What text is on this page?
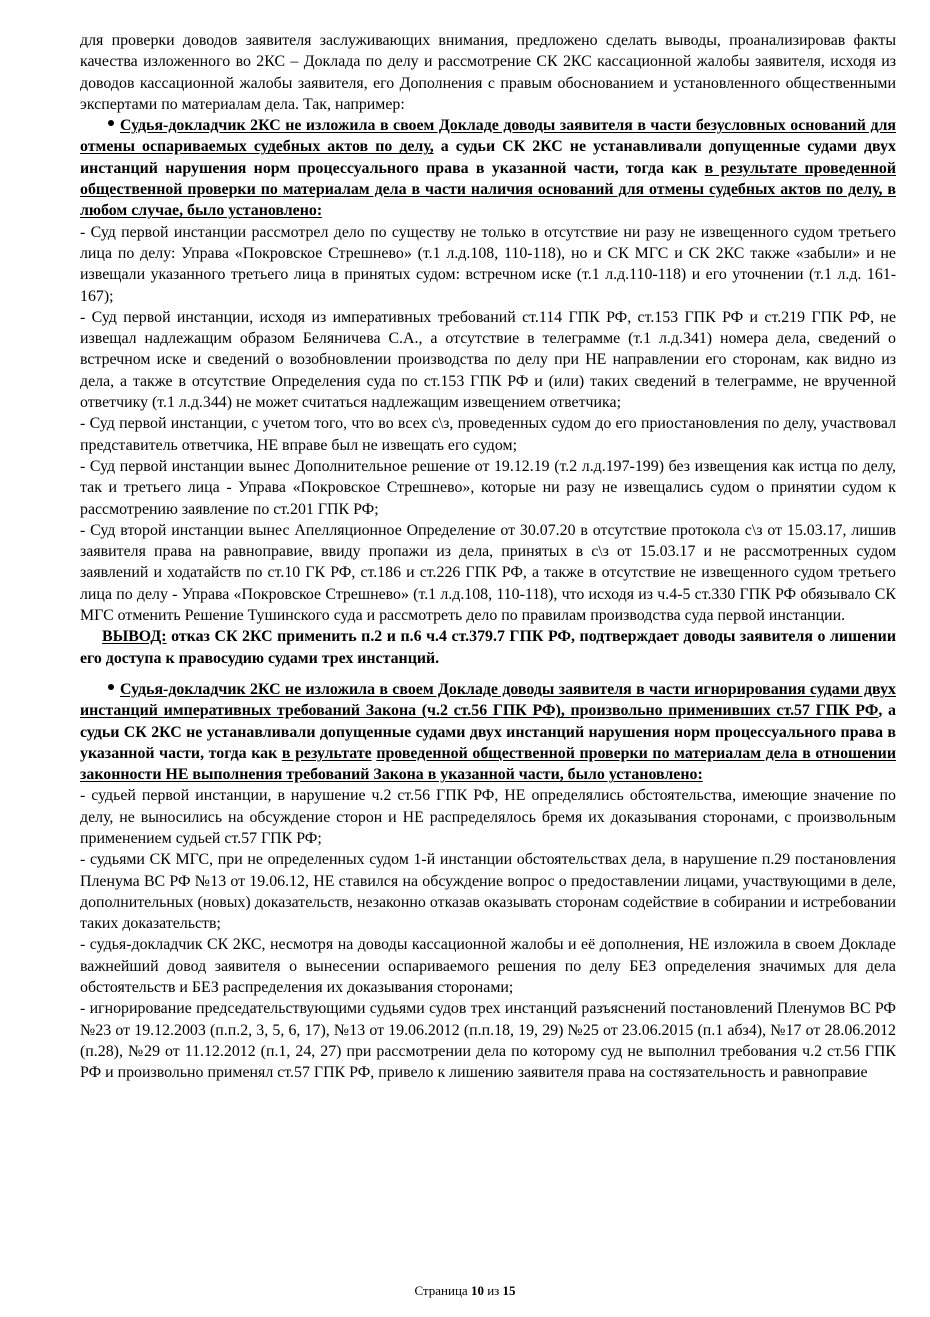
для проверки доводов заявителя заслуживающих внимания, предложено сделать выводы, проанализировав факты качества изложенного во 2КС – Доклада по делу и рассмотрение СК 2КС кассационной жалобы заявителя, исходя из доводов кассационной жалобы заявителя, его Дополнения с правым обоснованием и установленного общественными экспертами по материалам дела. Так, например:

Судья-докладчик 2КС не изложила в своем Докладе доводы заявителя в части безусловных оснований для отмены оспариваемых судебных актов по делу, а судьи СК 2КС не устанавливали допущенные судами двух инстанций нарушения норм процессуального права в указанной части, тогда как в результате проведенной общественной проверки по материалам дела в части наличия оснований для отмены судебных актов по делу, в любом случае, было установлено:

- Суд первой инстанции рассмотрел дело по существу не только в отсутствие ни разу не извещенного судом третьего лица по делу: Управа «Покровское Стрешнево» (т.1 л.д.108, 110-118), но и СК МГС и СК 2КС также «забыли» и не извещали указанного третьего лица в принятых судом: встречном иске (т.1 л.д.110-118) и его уточнении (т.1 л.д. 161-167);

- Суд первой инстанции, исходя из императивных требований ст.114 ГПК РФ, ст.153 ГПК РФ и ст.219 ГПК РФ, не извещал надлежащим образом Беляничева С.А., а отсутствие в телеграмме (т.1 л.д.341) номера дела, сведений о встречном иске и сведений о возобновлении производства по делу при НЕ направлении его сторонам, как видно из дела, а также в отсутствие Определения суда по ст.153 ГПК РФ и (или) таких сведений в телеграмме, не врученной ответчику (т.1 л.д.344) не может считаться надлежащим извещением ответчика;

- Суд первой инстанции, с учетом того, что во всех с\з, проведенных судом до его приостановления по делу, участвовал представитель ответчика, НЕ вправе был не извещать его судом;

- Суд первой инстанции вынес Дополнительное решение от 19.12.19 (т.2 л.д.197-199) без извещения как истца по делу, так и третьего лица - Управа «Покровское Стрешнево», которые ни разу не извещались судом о принятии судом к рассмотрению заявление по ст.201 ГПК РФ;

- Суд второй инстанции вынес Апелляционное Определение от 30.07.20 в отсутствие протокола с\з от 15.03.17, лишив заявителя права на равноправие, ввиду пропажи из дела, принятых в с\з от 15.03.17 и не рассмотренных судом заявлений и ходатайств по ст.10 ГК РФ, ст.186 и ст.226 ГПК РФ, а также в отсутствие не извещенного судом третьего лица по делу - Управа «Покровское Стрешнево» (т.1 л.д.108, 110-118), что исходя из ч.4-5 ст.330 ГПК РФ обязывало СК МГС отменить Решение Тушинского суда и рассмотреть дело по правилам производства суда первой инстанции.

ВЫВОД: отказ СК 2КС применить п.2 и п.6 ч.4 ст.379.7 ГПК РФ, подтверждает доводы заявителя о лишении его доступа к правосудию судами трех инстанций.

Судья-докладчик 2КС не изложила в своем Докладе доводы заявителя в части игнорирования судами двух инстанций императивных требований Закона (ч.2 ст.56 ГПК РФ), произвольно применивших ст.57 ГПК РФ, а судьи СК 2КС не устанавливали допущенные судами двух инстанций нарушения норм процессуального права в указанной части, тогда как в результате проведенной общественной проверки по материалам дела в отношении законности НЕ выполнения требований Закона в указанной части, было установлено:

- судьей первой инстанции, в нарушение ч.2 ст.56 ГПК РФ, НЕ определялись обстоятельства, имеющие значение по делу, не выносились на обсуждение сторон и НЕ распределялось бремя их доказывания сторонами, с произвольным применением судьей ст.57 ГПК РФ;

- судьями СК МГС, при не определенных судом 1-й инстанции обстоятельствах дела, в нарушение п.29 постановления Пленума ВС РФ №13 от 19.06.12, НЕ ставился на обсуждение вопрос о предоставлении лицами, участвующими в деле, дополнительных (новых) доказательств, незаконно отказав оказывать сторонам содействие в собирании и истребовании таких доказательств;

- судья-докладчик СК 2КС, несмотря на доводы кассационной жалобы и её дополнения, НЕ изложила в своем Докладе важнейший довод заявителя о вынесении оспариваемого решения по делу БЕЗ определения значимых для дела обстоятельств и БЕЗ распределения их доказывания сторонами;

- игнорирование председательствующими судьями судов трех инстанций разъяснений постановлений Пленумов ВС РФ №23 от 19.12.2003 (п.п.2, 3, 5, 6, 17), №13 от 19.06.2012 (п.п.18, 19, 29) №25 от 23.06.2015 (п.1 абз4), №17 от 28.06.2012 (п.28), №29 от 11.12.2012 (п.1, 24, 27) при рассмотрении дела по которому суд не выполнил требования ч.2 ст.56 ГПК РФ и произвольно применял ст.57 ГПК РФ, привело к лишению заявителя права на состязательность и равноправие

Страница 10 из 15
